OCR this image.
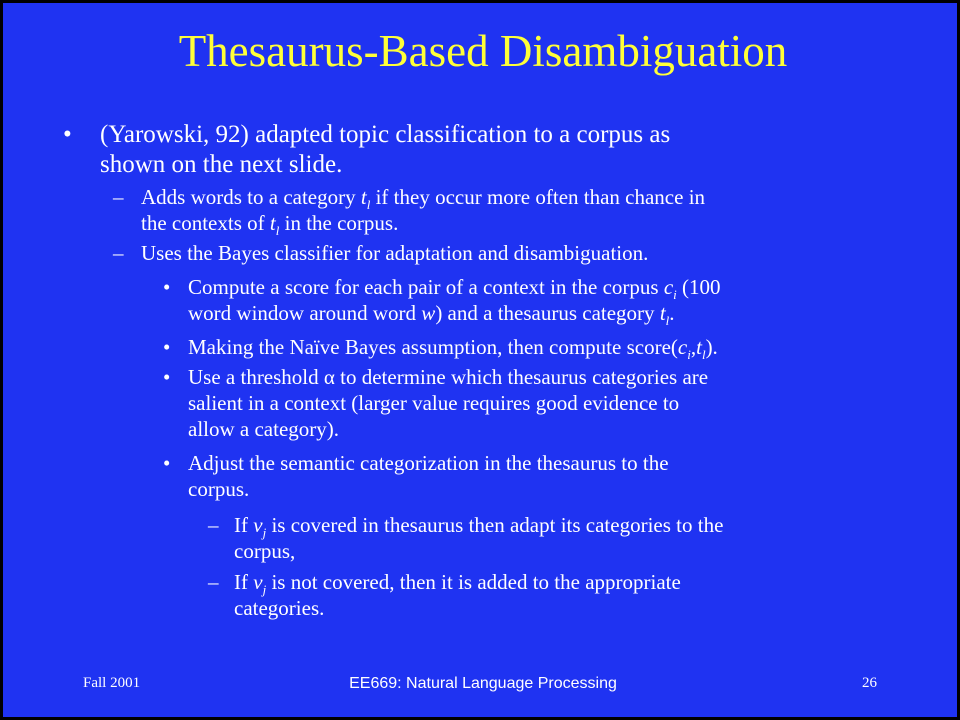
Thesaurus-Based Disambiguation
• (Yarowski, 92) adapted topic classification to a corpus as
shown on the next slide.
– Adds words to a category $t_l$ if they occur more often than chance in
the contexts of $t_l$ in the corpus.
– Uses the Bayes classifier for adaptation and disambiguation.
• Compute a score for each pair of a context in the corpus $c_i$ (100
word window around word w) and a thesaurus category $t_l$.
• Making the Naïve Bayes assumption, then compute $score(c_i,t_l)$.
• Use a threshold α to determine which thesaurus categories are
salient in a context (larger value requires good evidence to
allow a category).
• Adjust the semantic categorization in the thesaurus to the
corpus.
– If $v_j$ is covered in thesaurus then adapt its categories to the
corpus,
– If $v_j$ is not covered, then it is added to the appropriate
categories.
Fall 2001	EE669: Natural Language Processing	26
